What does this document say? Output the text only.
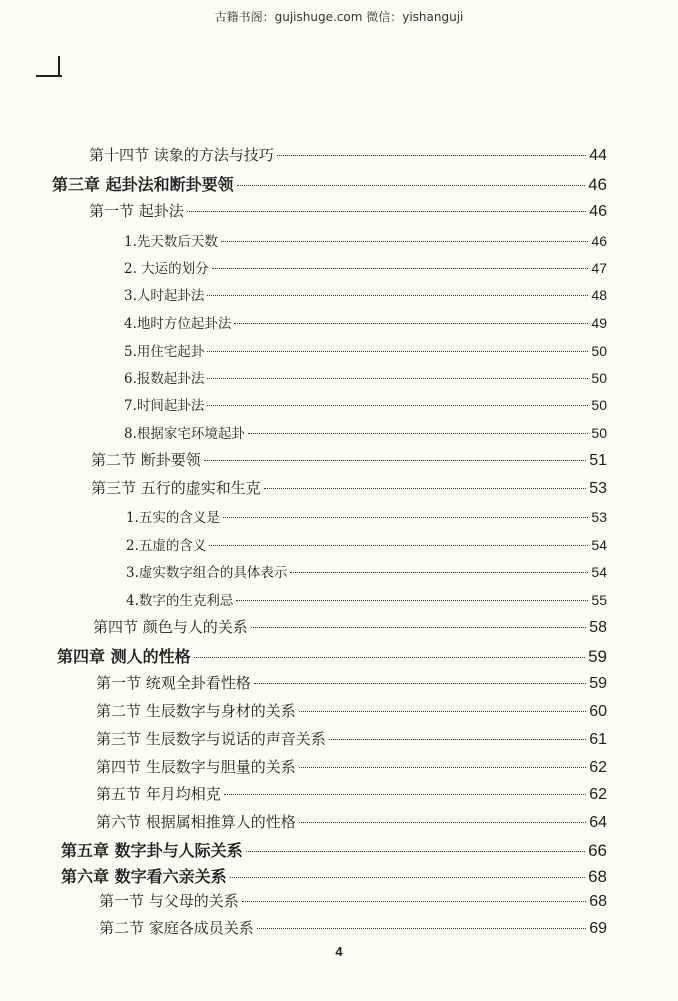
古籍书阁：gujishuge.com 微信：yishanguji
第十四节 读象的方法与技巧	44
第三章 起卦法和断卦要领	46
第一节 起卦法	46
1.先天数后天数	46
2. 大运的划分	47
3.人时起卦法	48
4.地时方位起卦法	49
5.用住宅起卦	50
6.报数起卦法	50
7.时间起卦法	50
8.根据家宅环境起卦	50
第二节 断卦要领	51
第三节 五行的虚实和生克	53
1.五实的含义是	53
2.五虚的含义	54
3.虚实数字组合的具体表示	54
4.数字的生克利忌	55
第四节 颜色与人的关系	58
第四章 测人的性格	59
第一节 统观全卦看性格	59
第二节 生辰数字与身材的关系	60
第三节 生辰数字与说话的声音关系	61
第四节 生辰数字与胆量的关系	62
第五节 年月均相克	62
第六节 根据属相推算人的性格	64
第五章 数字卦与人际关系	66
第六章 数字看六亲关系	68
第一节 与父母的关系	68
第二节 家庭各成员关系	69
4
